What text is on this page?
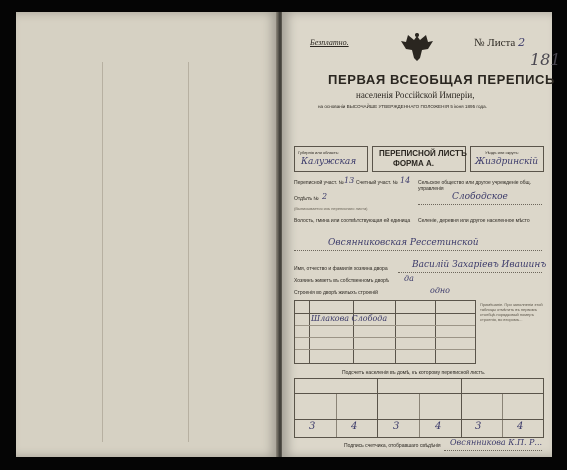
Безплатно.	№ Листа 2
181
ПЕРВАЯ ВСЕОБЩАЯ ПЕРЕПИСЬ
населенія Россійской Имперіи,
на основаніи ВЫСОЧАЙШЕ УТВЕРЖДЕННАГО ПОЛОЖЕНІЯ 5 іюня 1895 года.
Губернія или область:
Калужская
ПЕРЕПИСНОЙ ЛИСТЪ
ФОРМА А.
Уѣздъ или округъ:
Жиздринскій
Переписной участ. № 13 Счетный участ. № 14
Отдѣлъ № 2
(Выписывается изъ переписнаго листа)
Сельское общество или другое учрежденіе общ. управленія
Слободское
Волость, гмина или соотвѣтствующая ей единица	Селеніе, деревня или другое населенное мѣсто
Овсянниковская Рессетинской
Имя, отчество и фамилія хозяина двора	Василій Захаріевъ Ивашинъ
Хозяинъ живетъ въ собственномъ дворѣ да
Строенія во дворѣ жилыхъ строеній	одно
Шлакова Слобода
Примѣчаніе. При заполненіи этой таблицы отмѣтить въ первомъ столбцѣ порядковый номеръ строенія, во второмъ...
Подсчетъ населенія въ домѣ, къ которому переписной листъ.
3	4	3	4	3	4
Подпись счетчика, отобравшаго свѣдѣнія Овсянникова К.П. Р...
